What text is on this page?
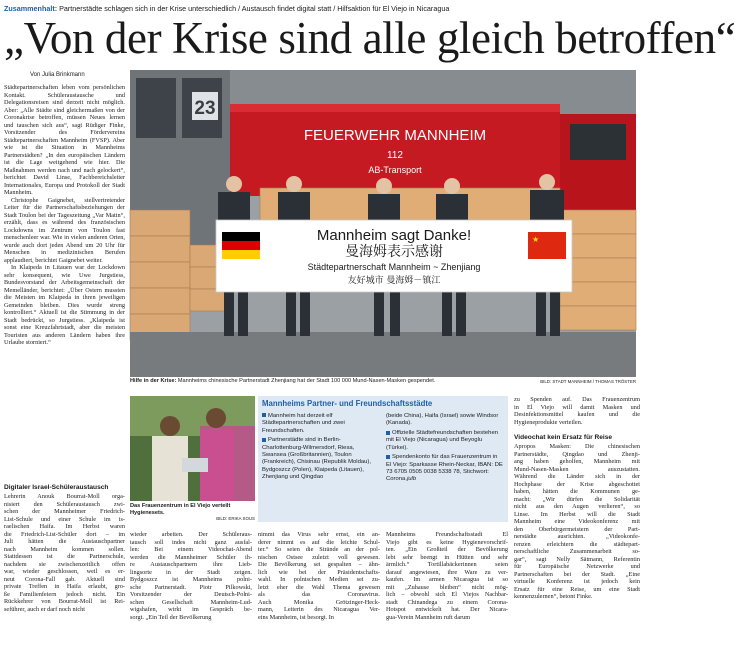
Zusammenhalt: Partnerstädte schlagen sich in der Krise unterschiedlich / Austausch findet digital statt / Hilfsaktion für El Viejo in Nicaragua
„Von der Krise sind alle gleich betroffen“
Von Julia Brinkmann

Städtepartnerschaften leben vom persönlichen Kontakt. Schüleraustausche und Delegationsreisen sind derzeit nicht möglich. Aber: „Alle Städte sind gleichermaßen von der Coronakrise betroffen, müssen Neues lernen und tauschen sich aus“, sagt Rüdiger Finke, Vorsitzender des Fördervereins Städtepartnerschaften Mannheim (FVSP). Aber wie ist die Situation in Mannheims Partnerstädten? „In den europäischen Ländern ist die Lage weitgehend wie hier. Die Maßnahmen werden nach und nach gelockert“, berichtet David Linse, Fachbereichsleiter Internationales, Europa und Protokoll der Stadt Mannheim.

Christophe Gaignebet, stellvertretender Leiter für die Partnerschaftsbeziehungen der Stadt Toulon bei der Tageszeitung „Var Matin“, erzählt, dass es während des französischen Lockdowns im Zentrum von Toulon fast menschenleer war. Wie in vielen anderen Orten, wurde auch dort jeden Abend um 20 Uhr für Menschen in medizinischen Berufen applaudiert, berichtet Gaignebet weiter.

In Klaipeda in Litauen war der Lockdown sehr konsequent, wie Uwe Jurgstiess, Bundesvorstand der Arbeitsgemeinschaft der Memelländer, berichtet: „Über Ostern mussten die Meisten im Klaipeda in ihren jeweiligen Gemeinden bleiben. Dies wurde streng kontrolliert.“ Aktuell ist die Stimmung in der Stadt bedrückt, so Jurgstiess. „Klaipeda ist sonst eine Kreuzfahrtstadt, aber die meisten Touristen aus anderen Ländern haben ihre Urlaube storniert.“

Digitaler Israel-Schüleraustausch
Lehrerin Anouk Bourrat-Moll orga-
nisiert den Schüleraustausch zwi-
schen der Mannheimer Friedrich-
List-Schule und einer Schule im is-
raelischen Haifa. Im Herbst waren
die Friedrich-List-Schüler dort – im
Juli hätten die Austauschpartner
nach Mannheim kommen sollen.
Stattdessen ist die Partnerschule,
nachdem sie zwischenzeitlich offen
war, wieder geschlossen, weil es er-
neut Corona-Fall gab. Aktuell sind
private Treffen in Haifa erlaubt, gro-
ße Familienfeiern jedoch nicht. Ein
Rückkehrer von Bourrat-Moll ist Rei-
seführer, auch er darf noch nicht
23
FEUERWEHR MANNHEIM
112
AB-Transport
★
Mannheim sagt Danke!
曼海姆表示感谢
Städtepartnerschaft Mannheim ~ Zhenjiang
友好城市 曼海姆－镇江
Hilfe in der Krise: Mannheims chinesische Partnerstadt Zhenjiang hat der Stadt 100 000 Mund-Nasen-Masken gespendet.	BILD: STADT MANNHEIM / THOMAS TRÖSTER
Das Frauenzentrum in El Viejo verteilt Hygienesets.
BILD: ERIKA SOUS
Mannheims Partner- und Freundschaftsstädte

Mannheim hat derzeit elf Städtepartnerschaften und zwei Freundschaften.

Partnerstädte sind in Berlin-Charlottenburg-Wilmersdorf, Riesa, Swansea (Großbritannien), Toulon (Frankreich), Chisinau (Republik Moldau), Bydgoszcz (Polen), Klaipeda (Litauen), Zhenjiang und Qingdao

(beide China), Haifa (Israel) sowie Windsor (Kanada).

Offizielle Städtefreundschaften bestehen mit El Viejo (Nicaragua) und Beyoglu (Türkei).

Spendenkonto für das Frauenzentrum in El Viejo: Sparkasse Rhein-Neckar, IBAN: DE 73 6705 0505 0038 5338 78, Stichwort: Corona.julb

wieder arbeiten. Der Schüleraus-
tausch soll indes nicht ganz ausfal-
len: Bei einem Videochat-Abend
werden die Mannheimer Schüler ih-
re Austauschpartnern ihre Lieb-
lingsorte in der Stadt zeigen.
Bydgoszcz ist Mannheims polni-
sche Partnerstadt. Piotr Pilkowski,
Vorsitzender der Deutsch-Polni-
schen Gesellschaft Mannheim-Lud-
wigshafen, wirkt im Gespräch be-
sorgt. „Ein Teil der Bevölkerung
nimmt das Virus sehr ernst, ein an-
derer nimmt es auf die leichte Schul-
ter.“ So seien die Strände an der pol-
nischen Ostsee zuletzt voll gewesen.
Die Bevölkerung sei gespalten – ähn-
lich wie bei der Präsidentschafts-
wahl. In polnischen Medien sei zu-
letzt eher die Wahl Thema gewesen
als das Coronavirus.
Auch Monika Grötzinger-Heck-
mann, Leiterin des Nicaragua Ver-
eins Mannheim, ist besorgt. In
Mannheims Freundschaftsstadt El
Viejo gibt es keine Hygienevorschrif-
ten. „Ein Großteil der Bevölkerung
lebt sehr beengt in Hütten und sehr
ärmlich.“ Tortillabäckerinnen seien
darauf angewiesen, ihre Ware zu ver-
kaufen. Im armen Nicaragua ist so
mit „Zuhause bleiben“ nicht mög-
lich – obwohl sich El Viejos Nachbar-
stadt Chinandega zu einem Corona-
Hotspot entwickelt hat. Der Nicara-
gua-Verein Mannheim ruft darum
zu Spenden auf. Das Frauenzentrum
in El Viejo will damit Masken und
Desinfektionsmittel kaufen und die
Hygieneprodukte verteilen.
Videochat kein Ersatz für Reise
Apropos Masken: Die chinesischen
Partnerstädte, Qingdao und Zhenji-
ang haben geholfen, Mannheim mit
Mund-Nasen-Masken auszustatten.
Während die Länder sich in der
Hochphase der Krise abgeschottet
haben, hätten die Kommunen ge-
macht: „Wir dürfen die Solidarität
nicht aus den Augen verlieren“, so
Linse. Im Herbst will die Stadt
Mannheim eine Videokonferenz mit
den Oberbürgermeistern der Part-
nerstädte ausrichten. „Videokonfe-
renzen erleichtern die städtepart-
nerschaftliche Zusammenarbeit so-
gar“, sagt Nelly Sätmann, Referentin
für Europäische Netzwerke und
Partnerschaften bei der Stadt. „Eine
virtuelle Konferenz ist jedoch kein
Ersatz für eine Reise, um eine Stadt
kennenzulernen“, betont Finke.
